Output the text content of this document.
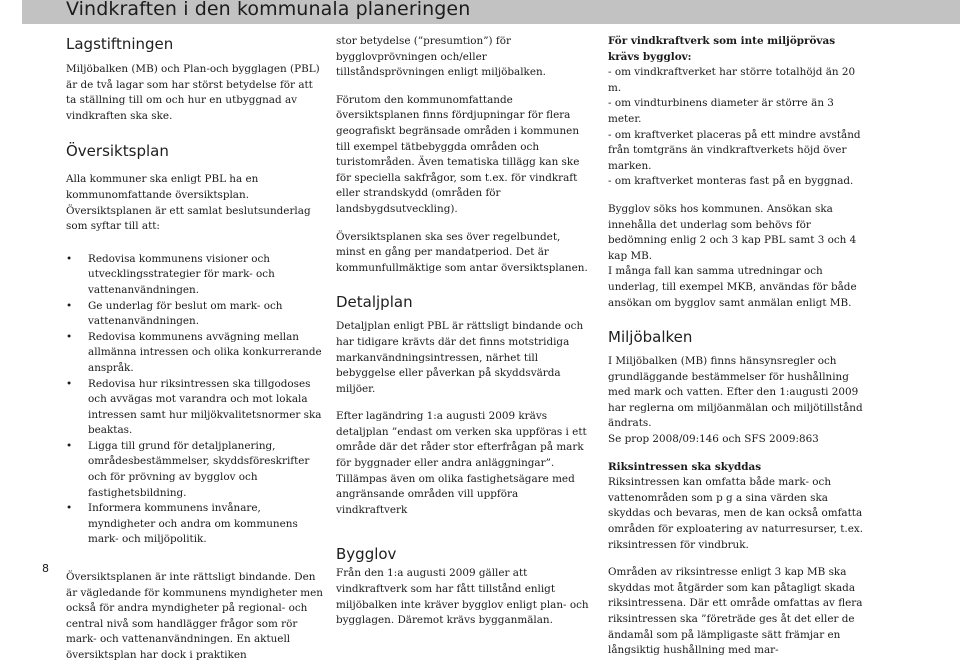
Vindkraften i den kommunala planeringen
8
Lagstiftningen

Miljöbalken (MB) och Plan-och bygglagen (PBL) är de två lagar som har störst betydelse för att ta ställning till om och hur en utbyggnad av vindkraften ska ske.

Översiktsplan

Alla kommuner ska enligt PBL ha en kommunomfattande översiktsplan. Översiktsplanen är ett samlat beslutsunderlag som syftar till att:

• Redovisa kommunens visioner och utvecklingsstrategier för mark- och vattenanvändningen.
• Ge underlag för beslut om mark- och vattenanvändningen.
• Redovisa kommunens avvägning mellan allmänna intressen och olika konkurrerande anspråk.
• Redovisa hur riksintressen ska tillgodoses och avvägas mot varandra och mot lokala intressen samt hur miljökvalitetsnormer ska beaktas.
• Ligga till grund för detaljplanering, områdesbestämmelser, skyddsföreskrifter och för prövning av bygglov och fastighetsbildning.
• Informera kommunens invånare, myndigheter och andra om kommunens mark- och miljöpolitik.

Översiktsplanen är inte rättsligt bindande. Den är vägledande för kommunens myndigheter men också för andra myndigheter på regional- och central nivå som handlägger frågor som rör mark- och vattenanvändningen. En aktuell översiktsplan har dock i praktiken

stor betydelse (”presumtion”) för bygglovprövningen och/eller tillståndsprövningen enligt miljöbalken.

Förutom den kommunomfattande översiktsplanen finns fördjupningar för flera geografiskt begränsade områden i kommunen till exempel tätbebyggda områden och turistområden. Även tematiska tillägg kan ske för speciella sakfrågor, som t.ex. för vindkraft eller strandskydd (områden för landsbygdsutveckling).

Översiktsplanen ska ses över regelbundet, minst en gång per mandatperiod. Det är kommunfullmäktige som antar översiktsplanen.

Detaljplan

Detaljplan enligt PBL är rättsligt bindande och har tidigare krävts där det finns motstridiga markanvändningsintressen, närhet till bebyggelse eller påverkan på skyddsvärda miljöer.

Efter lagändring 1:a augusti 2009 krävs detaljplan ”endast om verken ska uppföras i ett område där det råder stor efterfrågan på mark för byggnader eller andra anläggningar”. Tillämpas även om olika fastighetsägare med angränsande områden vill uppföra vindkraftverk

Bygglov

Från den 1:a augusti 2009 gäller att vindkraftverk som har fått tillstånd enligt miljöbalken inte kräver bygglov enligt plan- och bygglagen. Däremot krävs bygganmälan.

För vindkraftverk som inte miljöprövas krävs bygglov:

- om vindkraftverket har större totalhöjd än 20 m.
- om vindturbinens diameter är större än 3 meter.
- om kraftverket placeras på ett mindre avstånd från tomtgräns än vindkraftverkets höjd över marken.
- om kraftverket monteras fast på en byggnad.

Bygglov söks hos kommunen. Ansökan ska innehålla det underlag som behövs för bedömning enlig 2 och 3 kap PBL samt 3 och 4 kap MB.

I många fall kan samma utredningar och underlag, till exempel MKB, användas för både ansökan om bygglov samt anmälan enligt MB.

Miljöbalken

I Miljöbalken (MB) finns hänsynsregler och grundläggande bestämmelser för hushållning med mark och vatten. Efter den 1:augusti 2009 har reglerna om miljöanmälan och miljötillstånd ändrats.

Se prop 2008/09:146 och SFS 2009:863

Riksintressen ska skyddas

Riksintressen kan omfatta både mark- och vattenområden som p g a sina värden ska skyddas och bevaras, men de kan också omfatta områden för exploatering av naturresurser, t.ex. riksintressen för vindbruk.

Områden av riksintresse enligt 3 kap MB ska skyddas mot åtgärder som kan påtagligt skada riksintressena. Där ett område omfattas av flera riksintressen ska ”företräde ges åt det eller de ändamål som på lämpligaste sätt främjar en långsiktig hushållning med mar-
